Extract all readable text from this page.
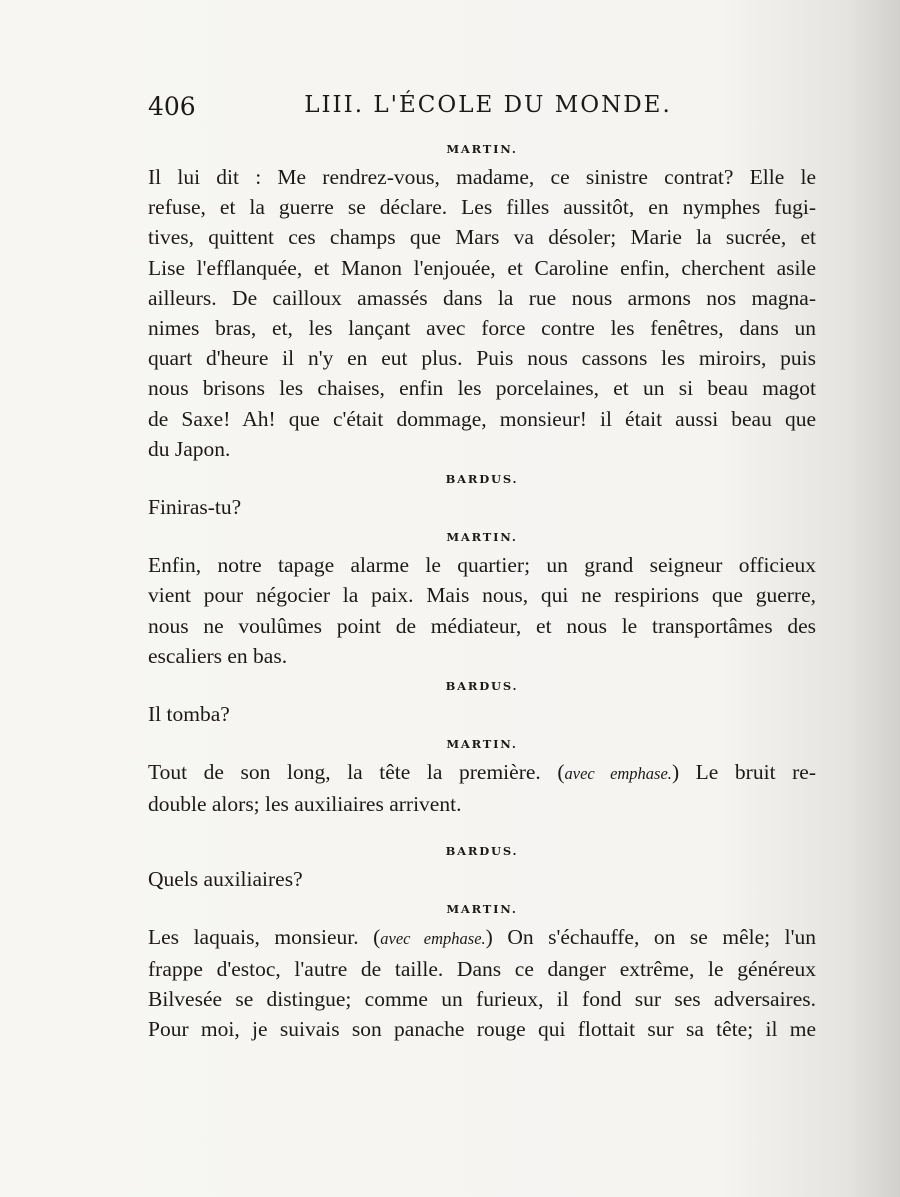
406	LIII. L'ÉCOLE DU MONDE.
MARTIN.
Il lui dit : Me rendrez-vous, madame, ce sinistre contrat? Elle le
refuse, et la guerre se déclare. Les filles aussitôt, en nymphes fugi-
tives, quittent ces champs que Mars va désoler; Marie la sucrée, et
Lise l'efflanquée, et Manon l'enjouée, et Caroline enfin, cherchent asile
ailleurs. De cailloux amassés dans la rue nous armons nos magna-
nimes bras, et, les lançant avec force contre les fenêtres, dans un
quart d'heure il n'y en eut plus. Puis nous cassons les miroirs, puis
nous brisons les chaises, enfin les porcelaines, et un si beau magot
de Saxe! Ah! que c'était dommage, monsieur! il était aussi beau que
du Japon.
BARDUS.
Finiras-tu?
MARTIN.
Enfin, notre tapage alarme le quartier; un grand seigneur officieux
vient pour négocier la paix. Mais nous, qui ne respirions que guerre,
nous ne voulûmes point de médiateur, et nous le transportâmes des
escaliers en bas.
BARDUS.
Il tomba?
MARTIN.
Tout de son long, la tête la première. (avec emphase.) Le bruit re-
double alors; les auxiliaires arrivent.
BARDUS.
Quels auxiliaires?
MARTIN.
Les laquais, monsieur. (avec emphase.) On s'échauffe, on se mêle; l'un
frappe d'estoc, l'autre de taille. Dans ce danger extrême, le généreux
Bilvesée se distingue; comme un furieux, il fond sur ses adversaires.
Pour moi, je suivais son panache rouge qui flottait sur sa tête; il me
